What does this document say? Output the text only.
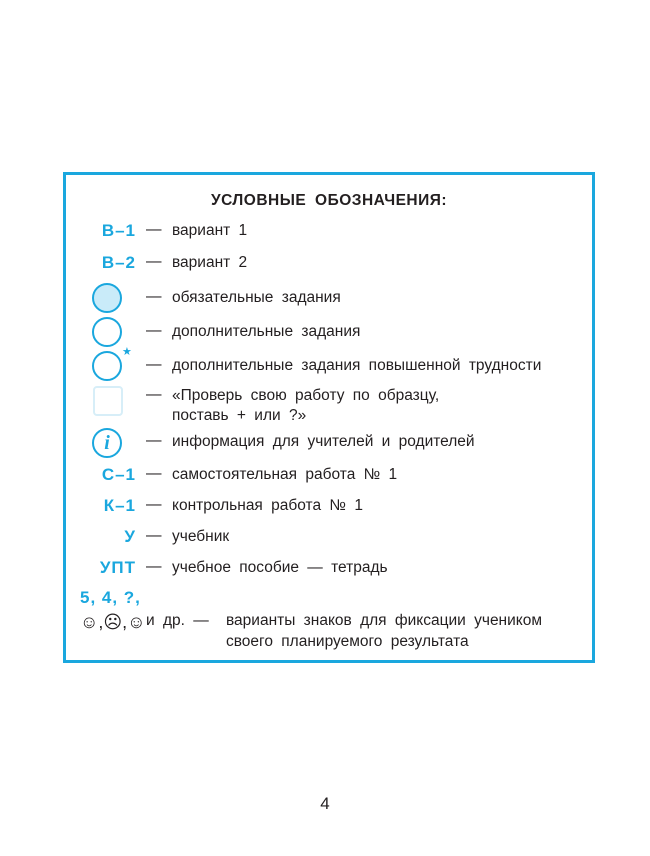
УСЛОВНЫЕ ОБОЗНАЧЕНИЯ:
В–1 — вариант 1
В–2 — вариант 2
— обязательные задания
— дополнительные задания
★
— дополнительные задания повышенной трудности
— «Проверь свою работу по образцу,
поставь + или ?»
i	— информация для учителей и родителей
С–1 — самостоятельная работа № 1
К–1 — контрольная работа № 1
У — учебник
УПТ — учебное пособие — тетрадь
5, 4, ?,
☺,☹,☺ и др. — варианты знаков для фиксации учеником
своего планируемого результата
4
